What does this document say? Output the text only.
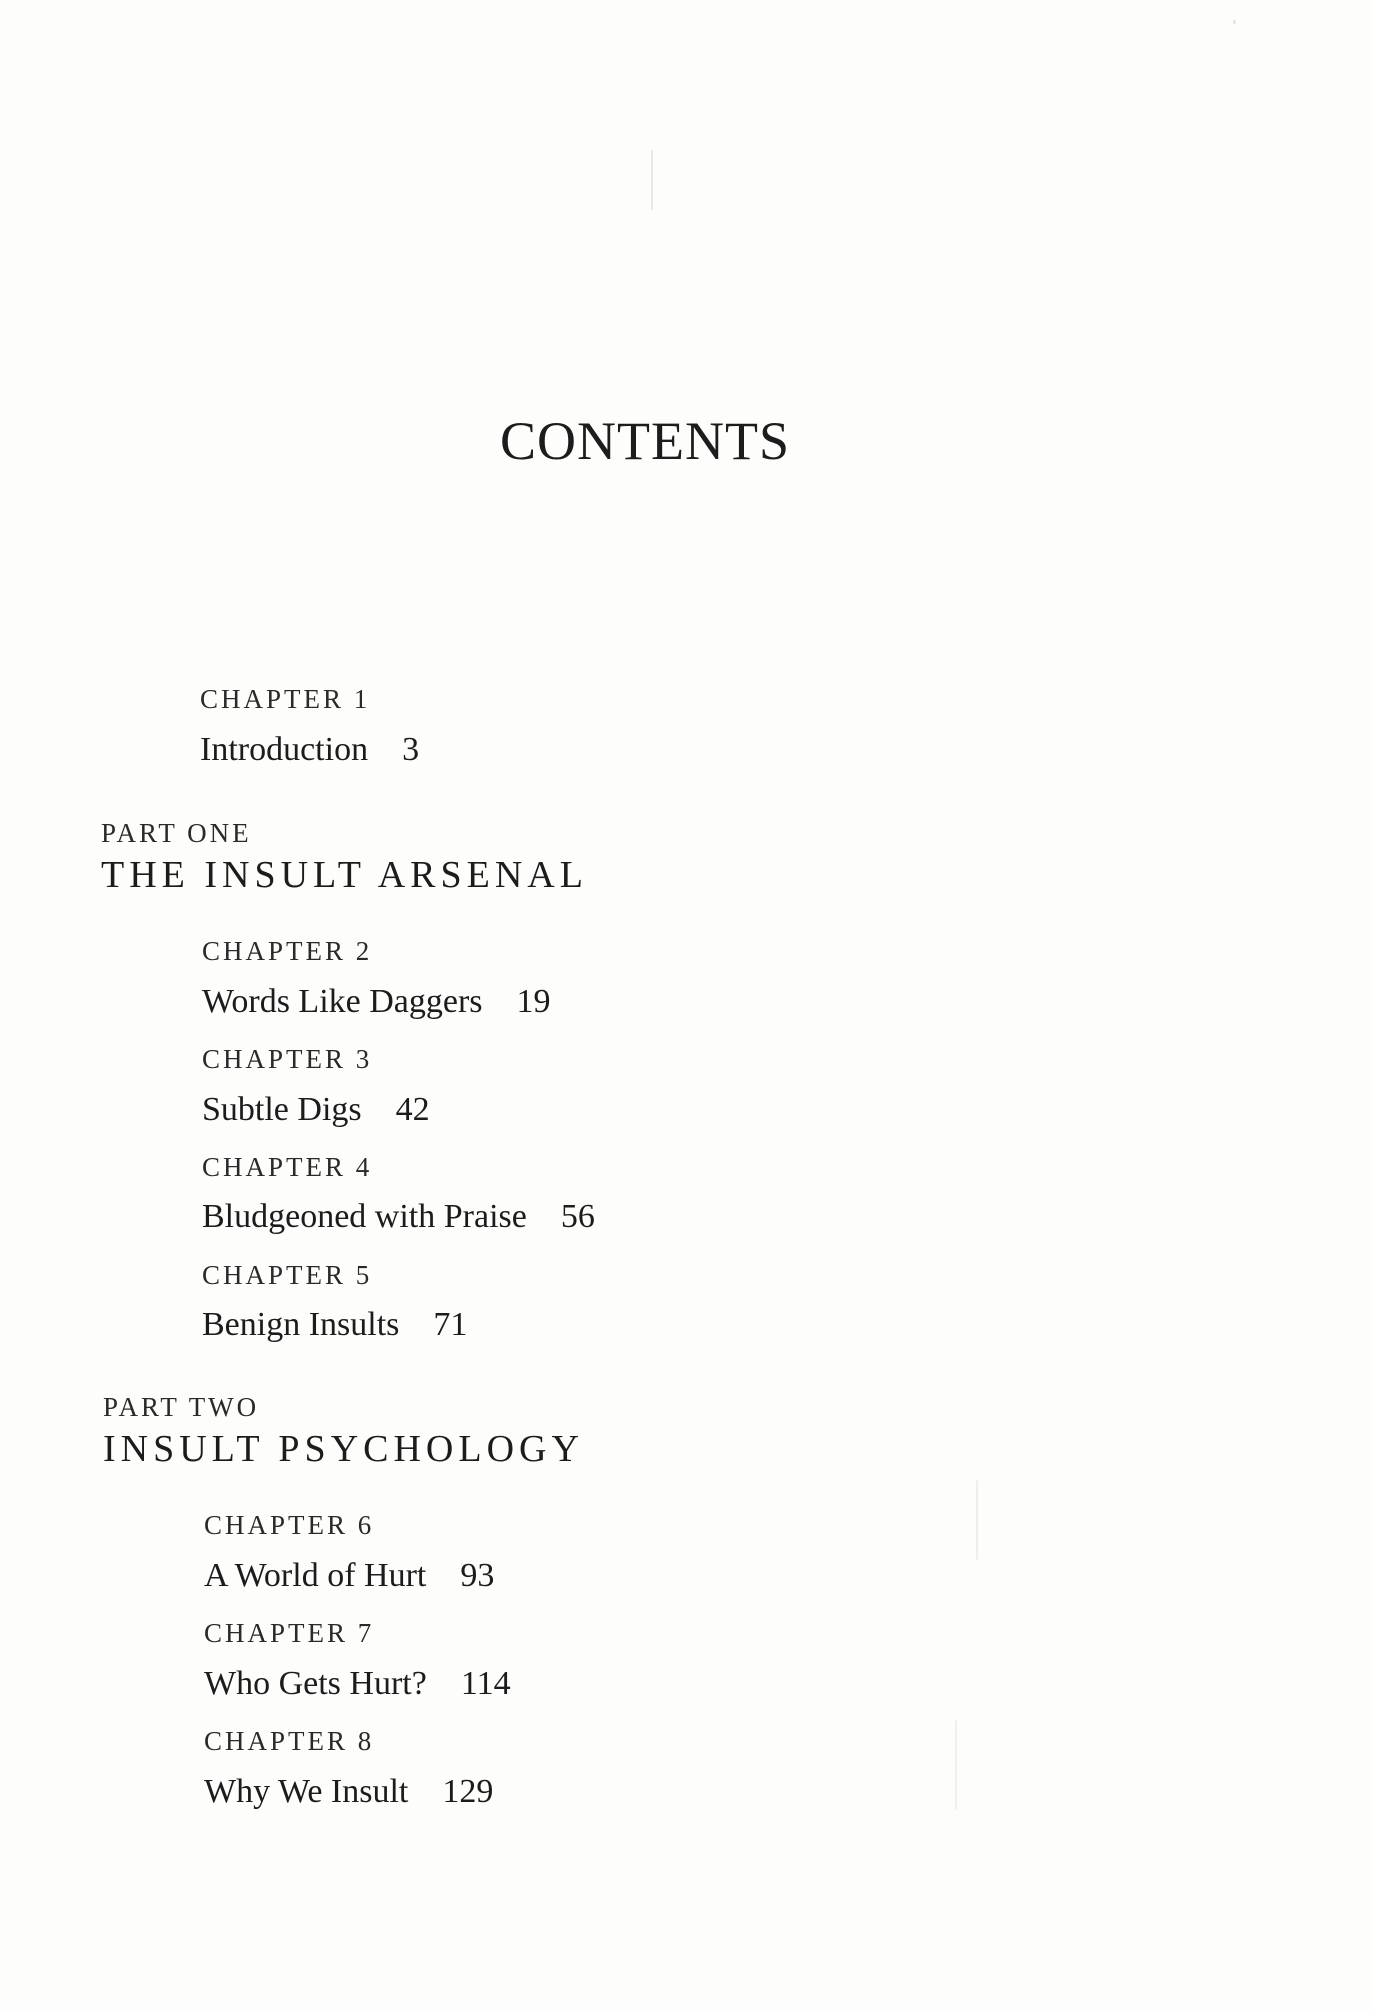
CONTENTS
CHAPTER 1
Introduction 3
PART ONE
THE INSULT ARSENAL
CHAPTER 2
Words Like Daggers 19
CHAPTER 3
Subtle Digs 42
CHAPTER 4
Bludgeoned with Praise 56
CHAPTER 5
Benign Insults 71
PART TWO
INSULT PSYCHOLOGY
CHAPTER 6
A World of Hurt 93
CHAPTER 7
Who Gets Hurt? 114
CHAPTER 8
Why We Insult 129
